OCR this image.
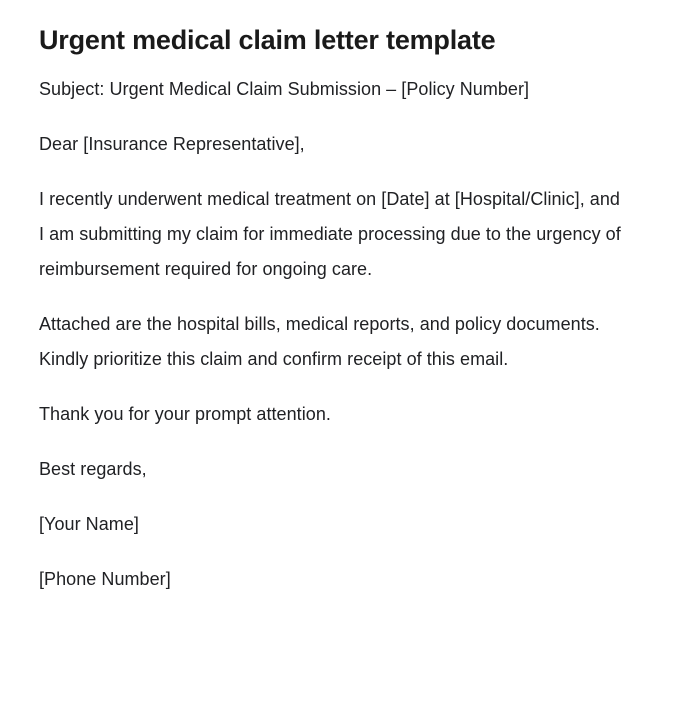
Urgent medical claim letter template

Subject: Urgent Medical Claim Submission – [Policy Number]

Dear [Insurance Representative],

I recently underwent medical treatment on [Date] at [Hospital/Clinic], and I am submitting my claim for immediate processing due to the urgency of reimbursement required for ongoing care.

Attached are the hospital bills, medical reports, and policy documents. Kindly prioritize this claim and confirm receipt of this email.

Thank you for your prompt attention.

Best regards,

[Your Name]

[Phone Number]
